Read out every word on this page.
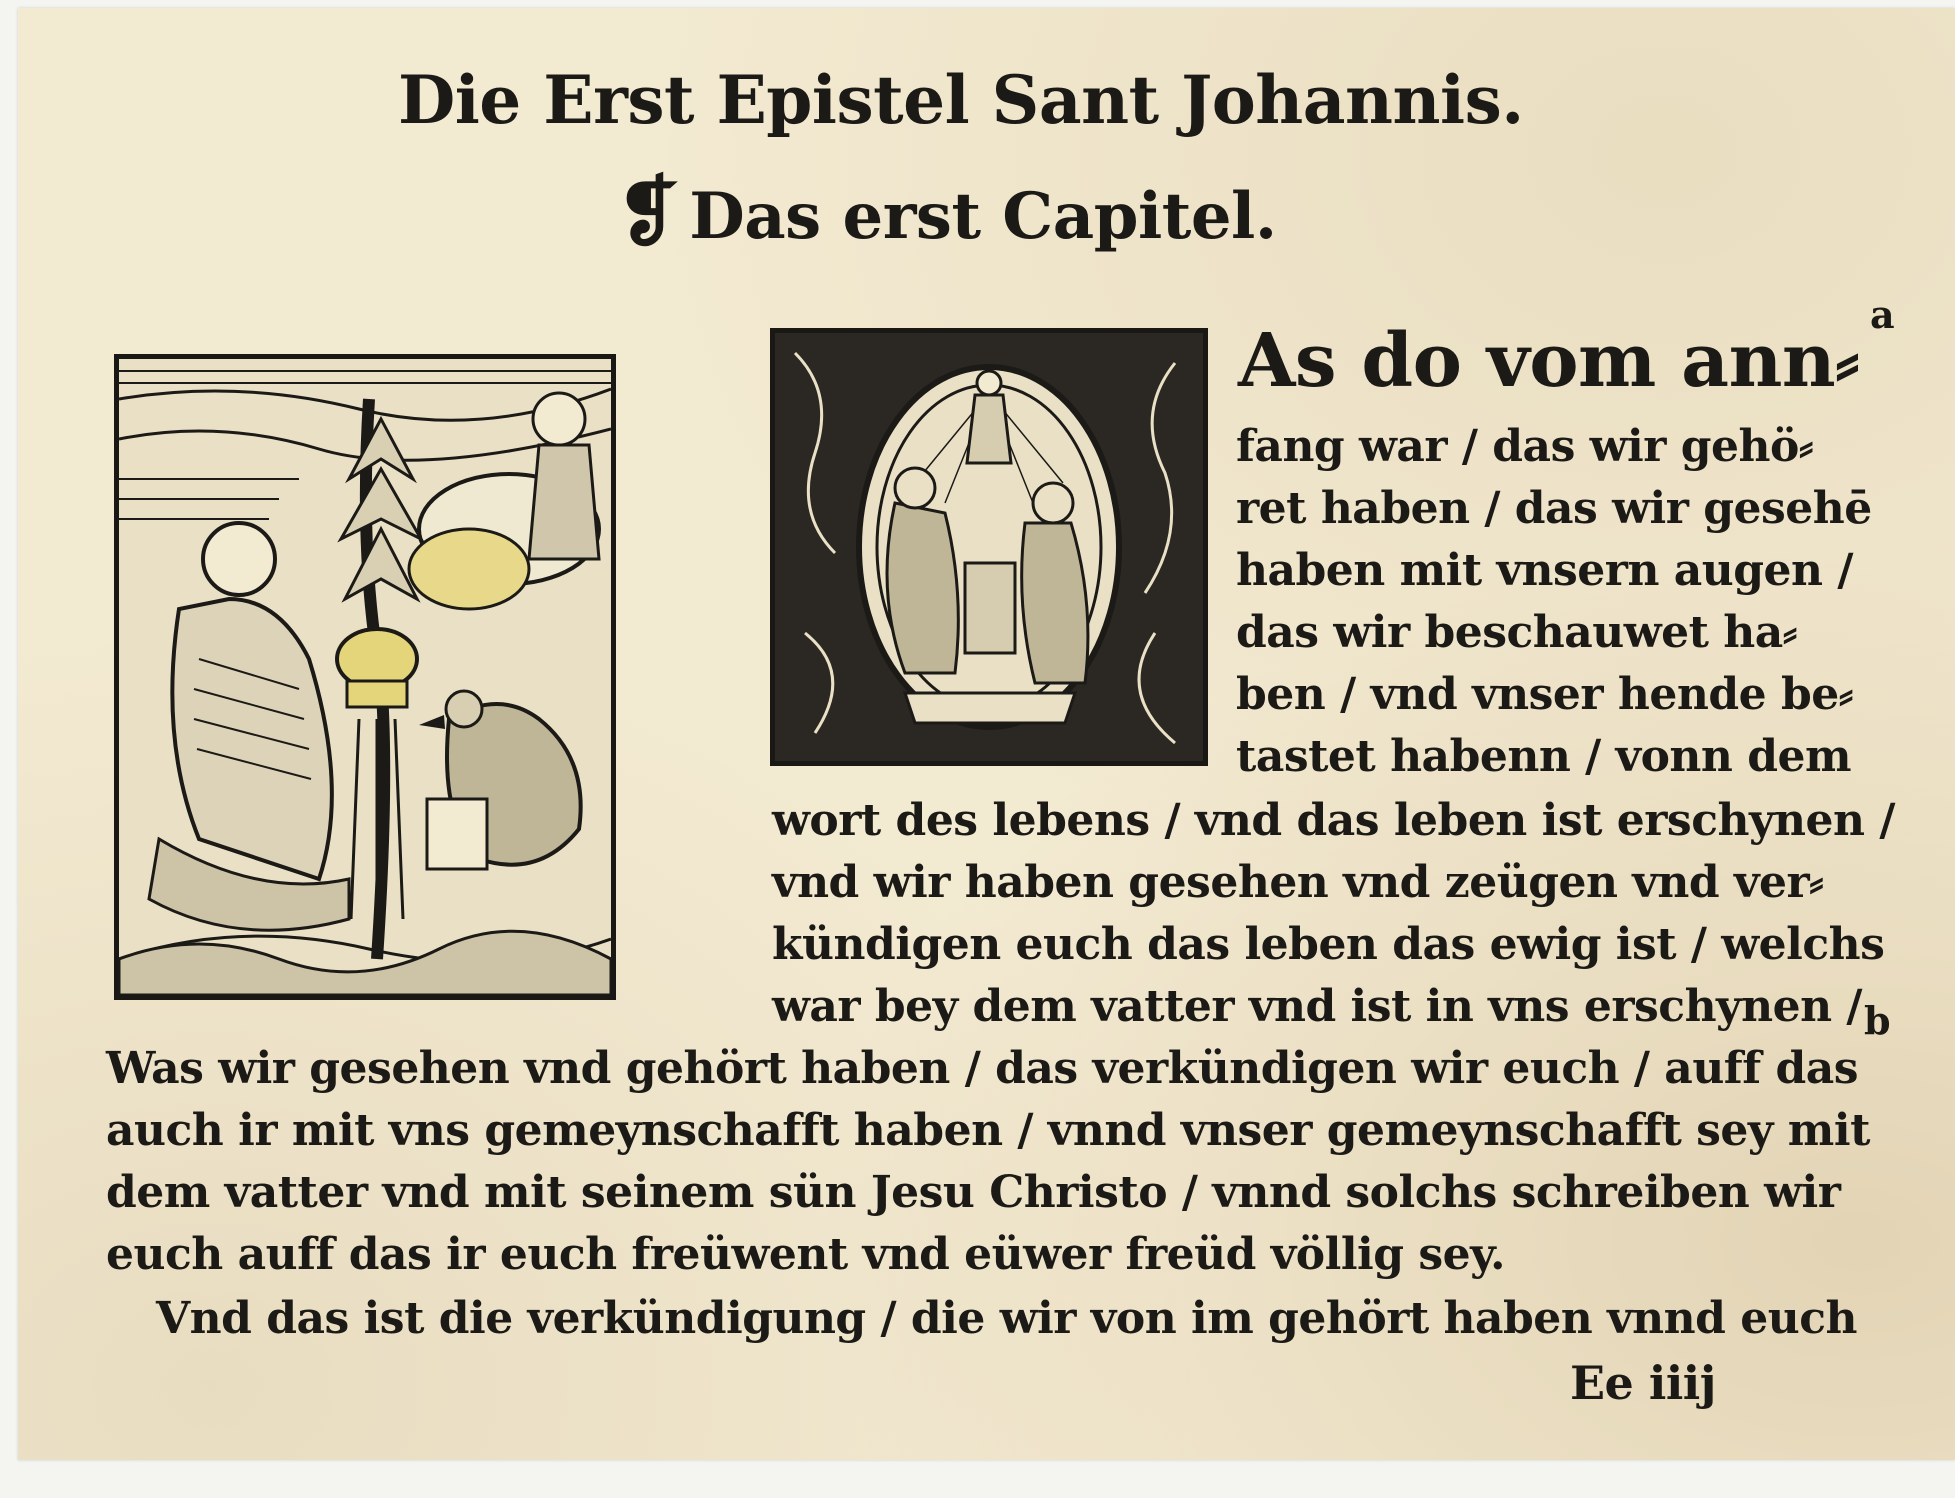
Die Erst Epistel Sant Johannis.
❡ Das erst Capitel.
a
b
As do vom ann⸗
fang war / das wir gehö⸗
ret haben / das wir gesehē
haben mit vnsern augen /
das wir beschauwet ha⸗
ben / vnd vnser hende be⸗
tastet habenn / vonn dem
wort des lebens / vnd das leben ist erschynen /
vnd wir haben gesehen vnd zeügen vnd ver⸗
kündigen euch das leben das ewig ist / welchs
war bey dem vatter vnd ist in vns erschynen /
Was wir gesehen vnd gehört haben / das verkündigen wir euch / auff das
auch ir mit vns gemeynschafft haben / vnnd vnser gemeynschafft sey mit
dem vatter vnd mit seinem sün Jesu Christo / vnnd solchs schreiben wir
euch auff das ir euch freüwent vnd eüwer freüd völlig sey.
Vnd das ist die verkündigung / die wir von im gehört haben vnnd euch
Ee iiij
